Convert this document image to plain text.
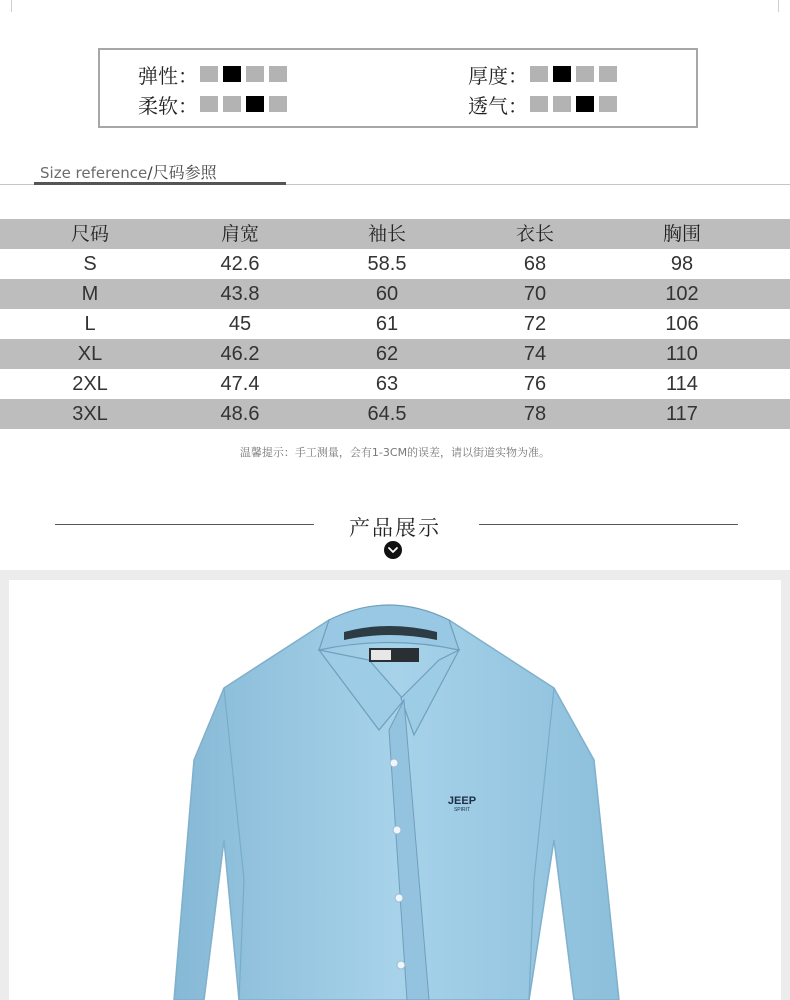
弹性：	厚度：
柔软：	透气：
Size reference/尺码参照
尺码	肩宽	袖长	衣长	胸围
S	42.6	58.5	68	98
M	43.8	60	70	102
L	45	61	72	106
XL	46.2	62	74	110
2XL	47.4	63	76	114
3XL	48.6	64.5	78	117
温馨提示：手工测量，会有1-3CM的误差，请以街道实物为准。
产品展示
JEEP
SPIRIT
